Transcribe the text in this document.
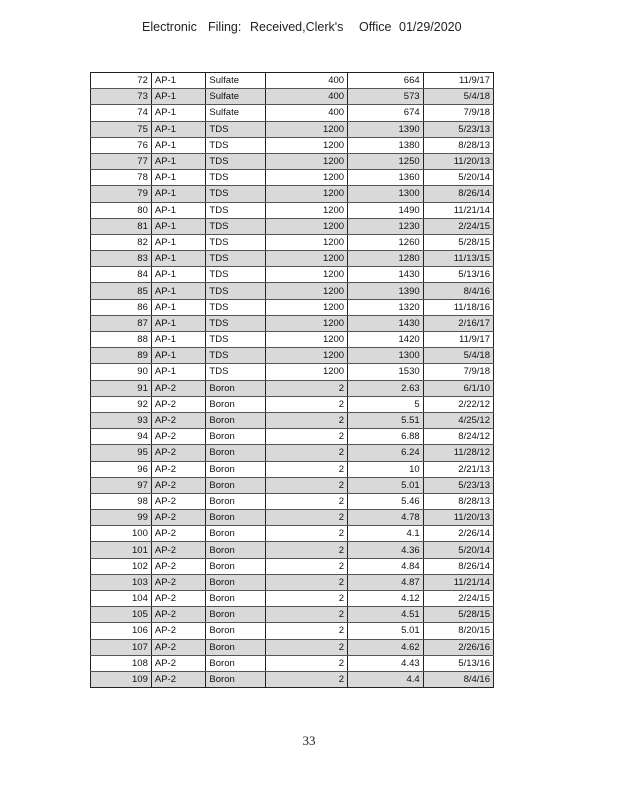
Electronic Filing: Received,Clerk's Office 01/29/2020
72	AP-1	Sulfate	400	664	11/9/17
73	AP-1	Sulfate	400	573	5/4/18
74	AP-1	Sulfate	400	674	7/9/18
75	AP-1	TDS	1200	1390	5/23/13
76	AP-1	TDS	1200	1380	8/28/13
77	AP-1	TDS	1200	1250	11/20/13
78	AP-1	TDS	1200	1360	5/20/14
79	AP-1	TDS	1200	1300	8/26/14
80	AP-1	TDS	1200	1490	11/21/14
81	AP-1	TDS	1200	1230	2/24/15
82	AP-1	TDS	1200	1260	5/28/15
83	AP-1	TDS	1200	1280	11/13/15
84	AP-1	TDS	1200	1430	5/13/16
85	AP-1	TDS	1200	1390	8/4/16
86	AP-1	TDS	1200	1320	11/18/16
87	AP-1	TDS	1200	1430	2/16/17
88	AP-1	TDS	1200	1420	11/9/17
89	AP-1	TDS	1200	1300	5/4/18
90	AP-1	TDS	1200	1530	7/9/18
91	AP-2	Boron	2	2.63	6/1/10
92	AP-2	Boron	2	5	2/22/12
93	AP-2	Boron	2	5.51	4/25/12
94	AP-2	Boron	2	6.88	8/24/12
95	AP-2	Boron	2	6.24	11/28/12
96	AP-2	Boron	2	10	2/21/13
97	AP-2	Boron	2	5.01	5/23/13
98	AP-2	Boron	2	5.46	8/28/13
99	AP-2	Boron	2	4.78	11/20/13
100	AP-2	Boron	2	4.1	2/26/14
101	AP-2	Boron	2	4.36	5/20/14
102	AP-2	Boron	2	4.84	8/26/14
103	AP-2	Boron	2	4.87	11/21/14
104	AP-2	Boron	2	4.12	2/24/15
105	AP-2	Boron	2	4.51	5/28/15
106	AP-2	Boron	2	5.01	8/20/15
107	AP-2	Boron	2	4.62	2/26/16
108	AP-2	Boron	2	4.43	5/13/16
109	AP-2	Boron	2	4.4	8/4/16
33
